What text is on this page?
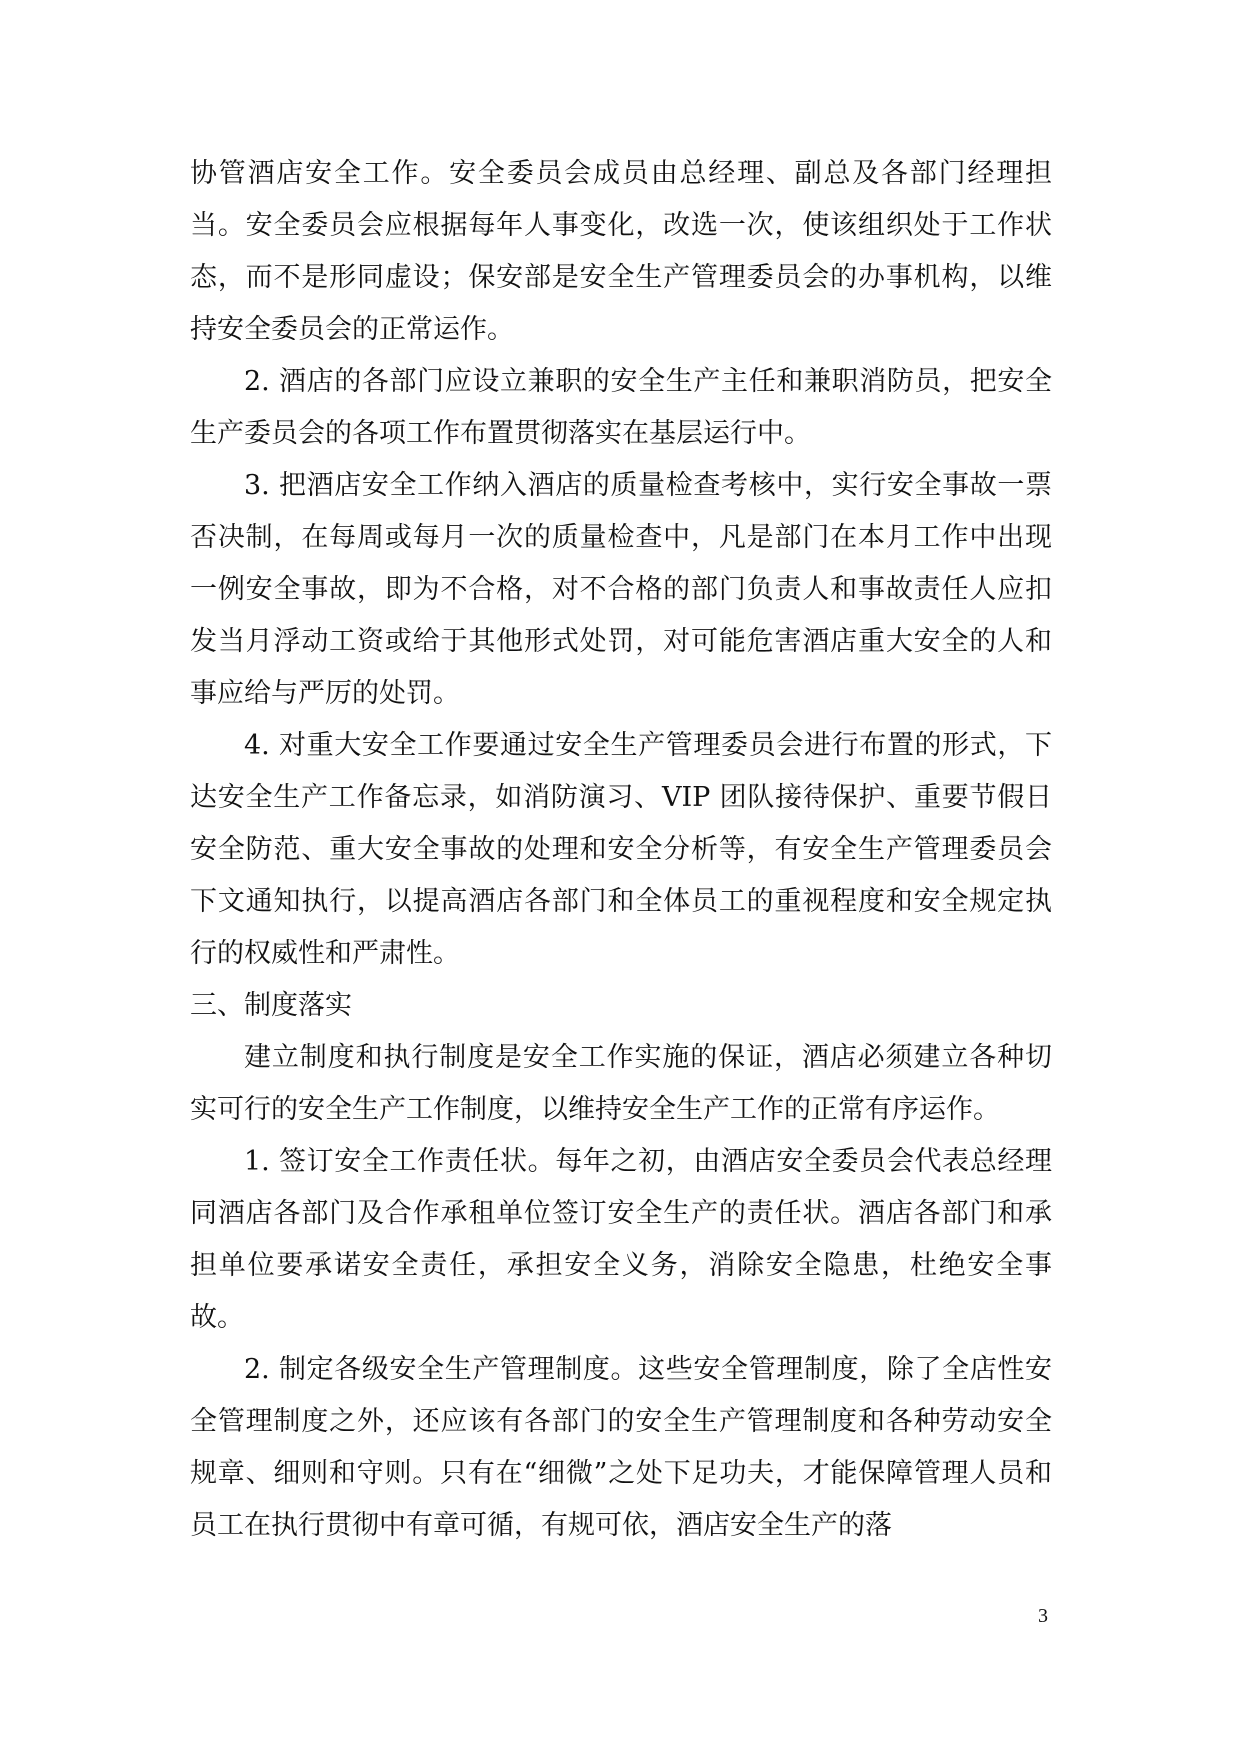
协管酒店安全工作。安全委员会成员由总经理、副总及各部门经理担当。安全委员会应根据每年人事变化，改选一次，使该组织处于工作状态，而不是形同虚设；保安部是安全生产管理委员会的办事机构，以维持安全委员会的正常运作。

2. 酒店的各部门应设立兼职的安全生产主任和兼职消防员，把安全生产委员会的各项工作布置贯彻落实在基层运行中。

3. 把酒店安全工作纳入酒店的质量检查考核中，实行安全事故一票否决制，在每周或每月一次的质量检查中，凡是部门在本月工作中出现一例安全事故，即为不合格，对不合格的部门负责人和事故责任人应扣发当月浮动工资或给于其他形式处罚，对可能危害酒店重大安全的人和事应给与严厉的处罚。

4. 对重大安全工作要通过安全生产管理委员会进行布置的形式，下达安全生产工作备忘录，如消防演习、VIP 团队接待保护、重要节假日安全防范、重大安全事故的处理和安全分析等，有安全生产管理委员会下文通知执行，以提高酒店各部门和全体员工的重视程度和安全规定执行的权威性和严肃性。

三、制度落实

建立制度和执行制度是安全工作实施的保证，酒店必须建立各种切实可行的安全生产工作制度，以维持安全生产工作的正常有序运作。

1. 签订安全工作责任状。每年之初，由酒店安全委员会代表总经理同酒店各部门及合作承租单位签订安全生产的责任状。酒店各部门和承担单位要承诺安全责任，承担安全义务，消除安全隐患，杜绝安全事故。

2. 制定各级安全生产管理制度。这些安全管理制度，除了全店性安全管理制度之外，还应该有各部门的安全生产管理制度和各种劳动安全规章、细则和守则。只有在“细微”之处下足功夫，才能保障管理人员和员工在执行贯彻中有章可循，有规可依，酒店安全生产的落

3
